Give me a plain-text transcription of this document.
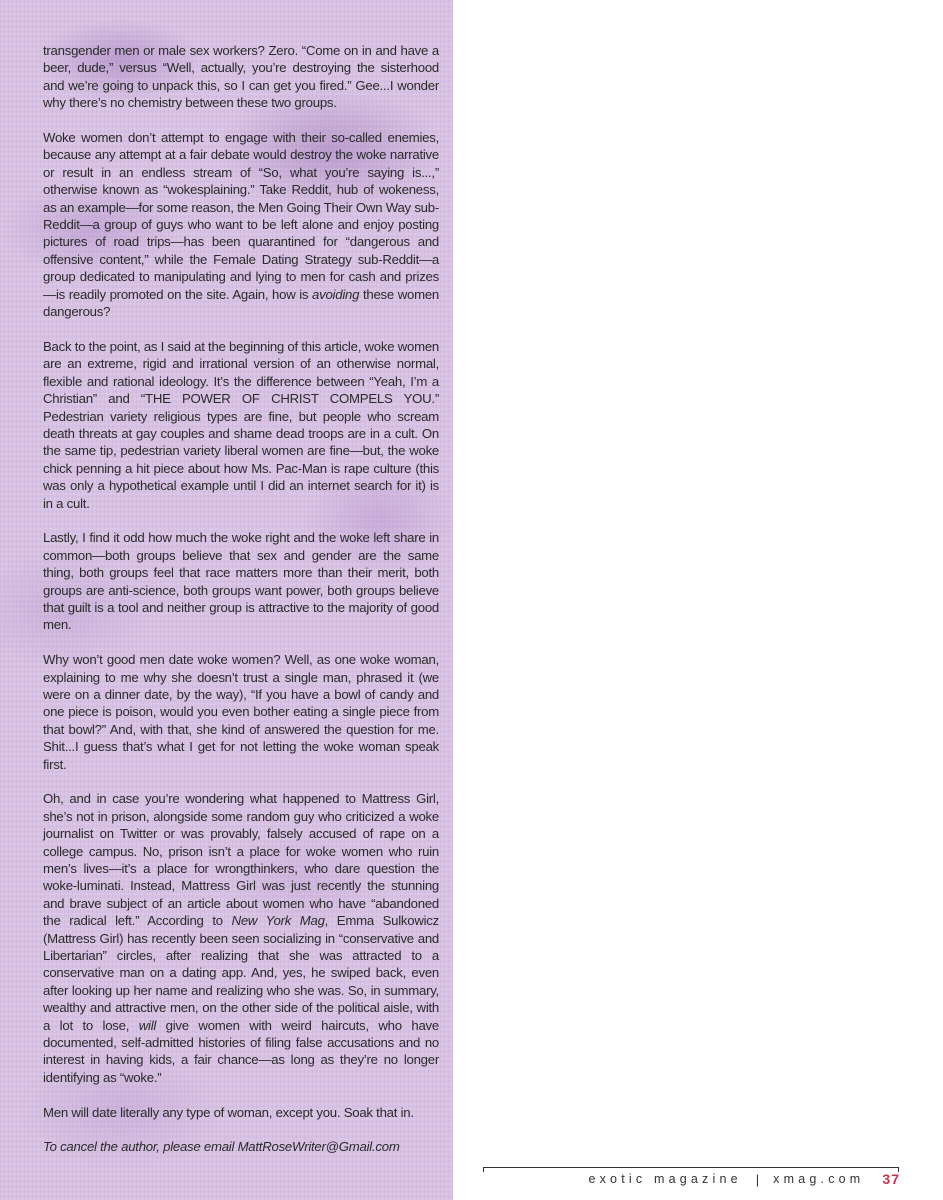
transgender men or male sex workers? Zero. “Come on in and have a beer, dude,” versus “Well, actually, you’re destroying the sisterhood and we’re going to unpack this, so I can get you fired.” Gee...I wonder why there’s no chemistry between these two groups.

Woke women don’t attempt to engage with their so-called enemies, because any attempt at a fair debate would destroy the woke narrative or result in an endless stream of “So, what you’re saying is...,” otherwise known as “wokesplaining.” Take Reddit, hub of wokeness, as an example—for some reason, the Men Going Their Own Way sub-Reddit—a group of guys who want to be left alone and enjoy posting pictures of road trips—has been quarantined for “dangerous and offensive content,” while the Female Dating Strategy sub-Reddit—a group dedicated to manipulating and lying to men for cash and prizes—is readily promoted on the site. Again, how is avoiding these women dangerous?

Back to the point, as I said at the beginning of this article, woke women are an extreme, rigid and irrational version of an otherwise normal, flexible and rational ideology. It’s the difference between “Yeah, I’m a Christian” and “THE POWER OF CHRIST COMPELS YOU.” Pedestrian variety religious types are fine, but people who scream death threats at gay couples and shame dead troops are in a cult. On the same tip, pedestrian variety liberal women are fine—but, the woke chick penning a hit piece about how Ms. Pac-Man is rape culture (this was only a hypothetical example until I did an internet search for it) is in a cult.

Lastly, I find it odd how much the woke right and the woke left share in common—both groups believe that sex and gender are the same thing, both groups feel that race matters more than their merit, both groups are anti-science, both groups want power, both groups believe that guilt is a tool and neither group is attractive to the majority of good men.

Why won’t good men date woke women? Well, as one woke woman, explaining to me why she doesn’t trust a single man, phrased it (we were on a dinner date, by the way), “If you have a bowl of candy and one piece is poison, would you even bother eating a single piece from that bowl?” And, with that, she kind of answered the question for me. Shit...I guess that’s what I get for not letting the woke woman speak first.

Oh, and in case you’re wondering what happened to Mattress Girl, she’s not in prison, alongside some random guy who criticized a woke journalist on Twitter or was provably, falsely accused of rape on a college campus. No, prison isn’t a place for woke women who ruin men’s lives—it’s a place for wrongthinkers, who dare question the woke-luminati. Instead, Mattress Girl was just recently the stunning and brave subject of an article about women who have “abandoned the radical left.” According to New York Mag, Emma Sulkowicz (Mattress Girl) has recently been seen socializing in “conservative and Libertarian” circles, after realizing that she was attracted to a conservative man on a dating app. And, yes, he swiped back, even after looking up her name and realizing who she was. So, in summary, wealthy and attractive men, on the other side of the political aisle, with a lot to lose, will give women with weird haircuts, who have documented, self-admitted histories of filing false accusations and no interest in having kids, a fair chance—as long as they’re no longer identifying as “woke.”

Men will date literally any type of woman, except you. Soak that in.

To cancel the author, please email MattRoseWriter@Gmail.com

exotic magazine | xmag.com 37
